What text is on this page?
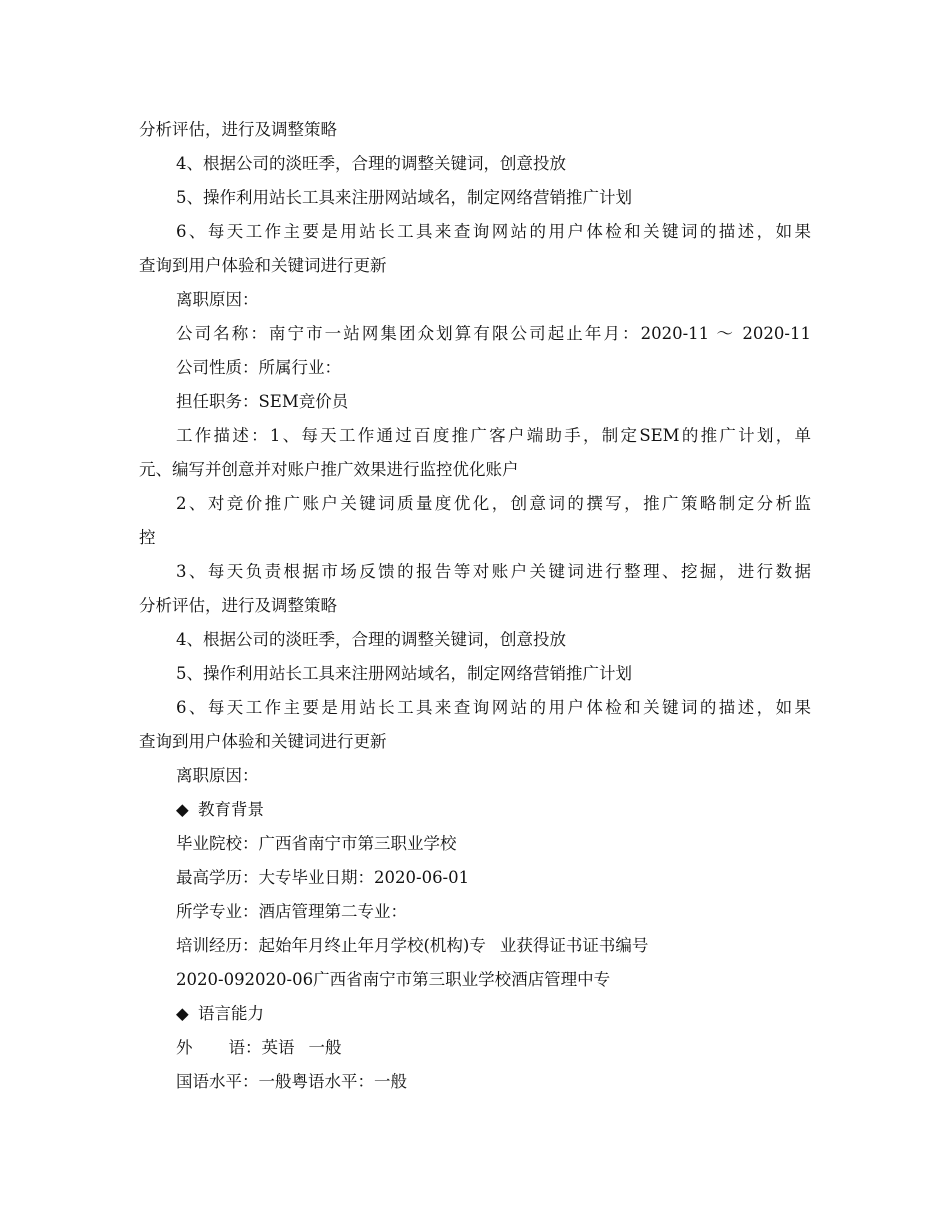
分析评估，进行及调整策略

4、根据公司的淡旺季，合理的调整关键词，创意投放

5、操作利用站长工具来注册网站域名，制定网络营销推广计划

6、每天工作主要是用站长工具来查询网站的用户体检和关键词的描述，如果

查询到用户体验和关键词进行更新

离职原因：

公司名称：南宁市一站网集团众划算有限公司起止年月：2020-11 ～ 2020-11

公司性质：所属行业：

担任职务：SEM竞价员

工作描述：1、每天工作通过百度推广客户端助手，制定SEM的推广计划，单

元、编写并创意并对账户推广效果进行监控优化账户

2、对竞价推广账户关键词质量度优化，创意词的撰写，推广策略制定分析监

控

3、每天负责根据市场反馈的报告等对账户关键词进行整理、挖掘，进行数据

分析评估，进行及调整策略

4、根据公司的淡旺季，合理的调整关键词，创意投放

5、操作利用站长工具来注册网站域名，制定网络营销推广计划

6、每天工作主要是用站长工具来查询网站的用户体检和关键词的描述，如果

查询到用户体验和关键词进行更新

离职原因：

◆ 教育背景

毕业院校：广西省南宁市第三职业学校

最高学历：大专毕业日期：2020-06-01

所学专业：酒店管理第二专业：

培训经历：起始年月终止年月学校(机构)专 业获得证书证书编号

2020-092020-06广西省南宁市第三职业学校酒店管理中专

◆ 语言能力

外 语：英语 一般

国语水平：一般粤语水平：一般
